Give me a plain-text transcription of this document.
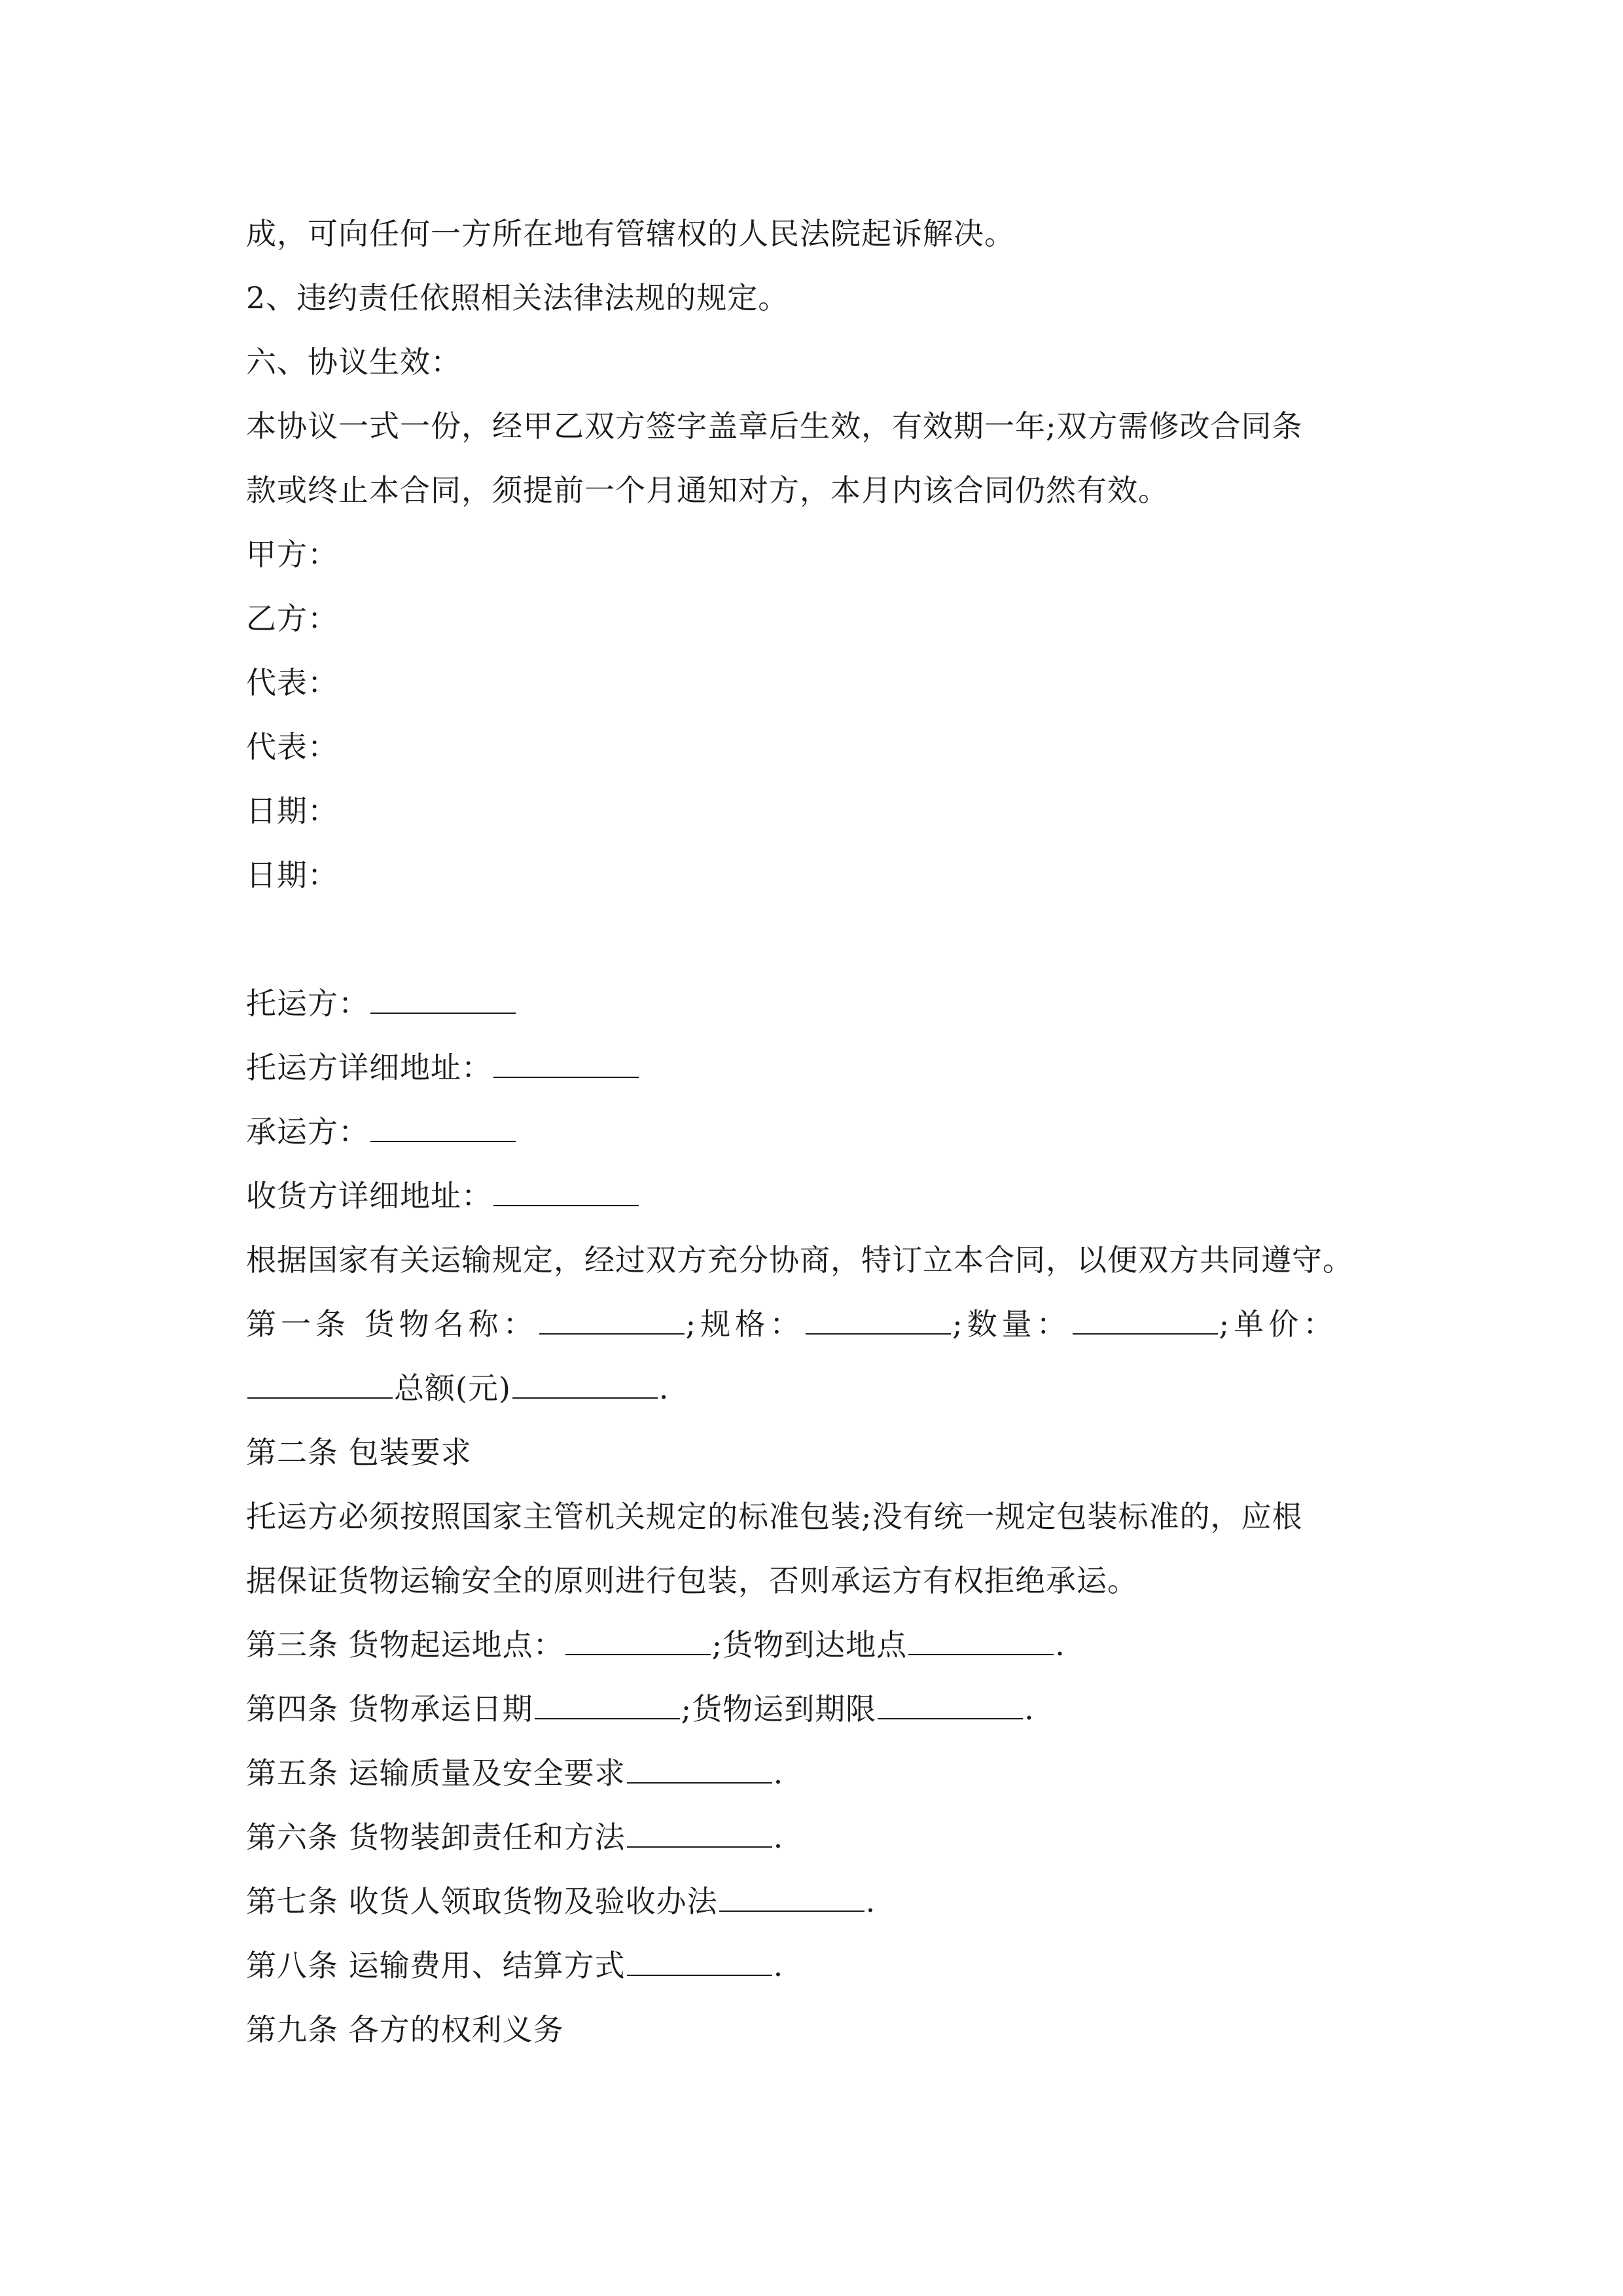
成，可向任何一方所在地有管辖权的人民法院起诉解决。
2、违约责任依照相关法律法规的规定。
六、协议生效：
本协议一式一份，经甲乙双方签字盖章后生效，有效期一年;双方需修改合同条
款或终止本合同，须提前一个月通知对方，本月内该合同仍然有效。
甲方：
乙方：
代表：
代表：
日期：
日期：
托运方：
托运方详细地址：
承运方：
收货方详细地址：
根据国家有关运输规定，经过双方充分协商，特订立本合同，以便双方共同遵守。
第一条 货物名称：	;规格：	;数量：	;单价：
总额(元)	.
第二条 包装要求
托运方必须按照国家主管机关规定的标准包装;没有统一规定包装标准的，应根
据保证货物运输安全的原则进行包装，否则承运方有权拒绝承运。
第三条 货物起运地点：	;货物到达地点	.
第四条 货物承运日期	;货物运到期限	.
第五条 运输质量及安全要求	.
第六条 货物装卸责任和方法	.
第七条 收货人领取货物及验收办法	.
第八条 运输费用、结算方式	.
第九条 各方的权利义务
